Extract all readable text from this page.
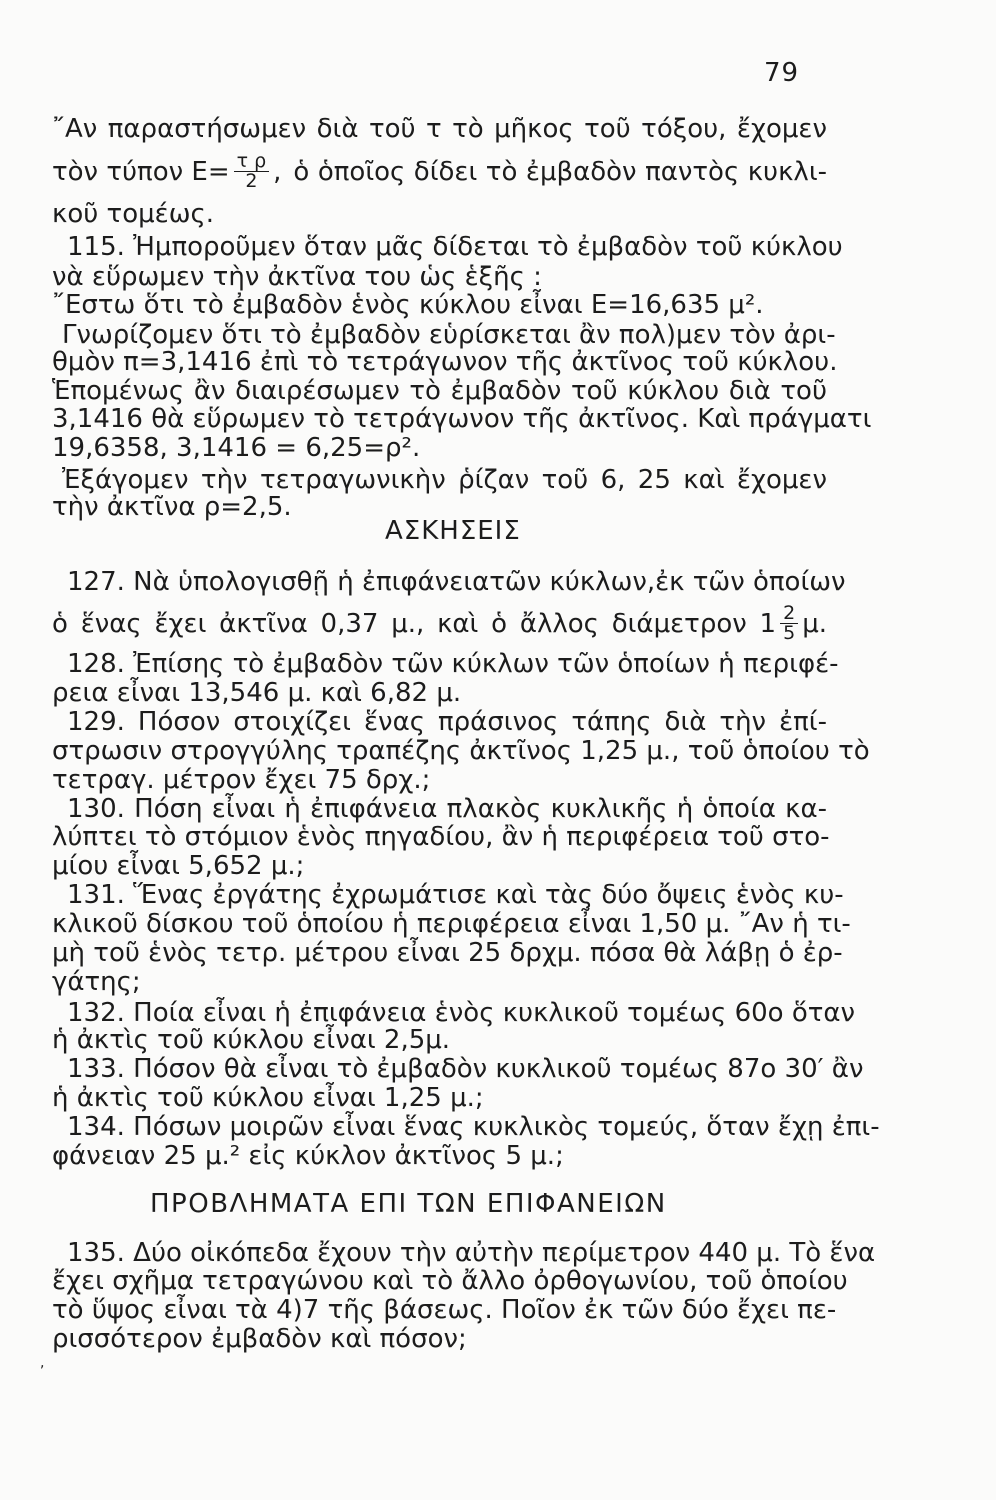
79
῎Αν παραστήσωμεν διὰ τοῦ τ τὸ μῆκος τοῦ τόξου, ἔχομεν
τὸν τύπον $E= \frac{\text{τ ρ}}{2}$ , ὁ ὁποῖος δίδει τὸ ἐμβαδὸν παντὸς κυκλι-
κοῦ τομέως.
115. Ἠμποροῦμεν ὅταν μᾶς δίδεται τὸ ἐμβαδὸν τοῦ κύκλου
νὰ εὕρωμεν τὴν ἀκτῖνα του ὡς ἑξῆς :
῎Εστω ὅτι τὸ ἐμβαδὸν ἑνὸς κύκλου εἶναι Ε=16,635 μ².
Γνωρίζομεν ὅτι τὸ ἐμβαδὸν εὑρίσκεται ἂν πολ)μεν τὸν ἀρι-
θμὸν π=3,1416 ἐπὶ τὸ τετράγωνον τῆς ἀκτῖνος τοῦ κύκλου.
Ἑπομένως ἂν διαιρέσωμεν τὸ ἐμβαδὸν τοῦ κύκλου διὰ τοῦ
3,1416 θὰ εὕρωμεν τὸ τετράγωνον τῆς ἀκτῖνος. Καὶ πράγματι
19,6358, 3,1416 = 6,25=ρ².
Ἐξάγομεν τὴν τετραγωνικὴν ῥίζαν τοῦ 6, 25 καὶ ἔχομεν
τὴν ἀκτῖνα ρ=2,5.
ΑΣΚΗΣΕΙΣ
127. Νὰ ὑπολογισθῇ ἡ ἐπιφάνειατῶν κύκλων,ἐκ τῶν ὁποίων
ὁ ἕνας ἔχει ἀκτῖνα 0,37 μ., καὶ ὁ ἄλλος διάμετρον $1 \frac{2}{5} \mu$.
128. Ἐπίσης τὸ ἐμβαδὸν τῶν κύκλων τῶν ὁποίων ἡ περιφέ-
ρεια εἶναι 13,546 μ. καὶ 6,82 μ.
129. Πόσον στοιχίζει ἕνας πράσινος τάπης διὰ τὴν ἐπί-
στρωσιν στρογγύλης τραπέζης ἀκτῖνος 1,25 μ., τοῦ ὁποίου τὸ
τετραγ. μέτρον ἔχει 75 δρχ.;
130. Πόση εἶναι ἡ ἐπιφάνεια πλακὸς κυκλικῆς ἡ ὁποία κα-
λύπτει τὸ στόμιον ἑνὸς πηγαδίου, ἂν ἡ περιφέρεια τοῦ στο-
μίου εἶναι 5,652 μ.;
131. Ἕνας ἐργάτης ἐχρωμάτισε καὶ τὰς δύο ὄψεις ἑνὸς κυ-
κλικοῦ δίσκου τοῦ ὁποίου ἡ περιφέρεια εἶναι 1,50 μ. ῎Αν ἡ τι-
μὴ τοῦ ἑνὸς τετρ. μέτρου εἶναι 25 δρχμ. πόσα θὰ λάβῃ ὁ ἐρ-
γάτης;
132. Ποία εἶναι ἡ ἐπιφάνεια ἑνὸς κυκλικοῦ τομέως 60ο ὅταν
ἡ ἀκτὶς τοῦ κύκλου εἶναι 2,5μ.
133. Πόσον θὰ εἶναι τὸ ἐμβαδὸν κυκλικοῦ τομέως 87ο 30′ ἂν
ἡ ἀκτὶς τοῦ κύκλου εἶναι 1,25 μ.;
134. Πόσων μοιρῶν εἶναι ἕνας κυκλικὸς τομεύς, ὅταν ἔχῃ ἐπι-
φάνειαν 25 μ.² εἰς κύκλον ἀκτῖνος 5 μ.;
ΠΡΟΒΛΗΜΑΤΑ ΕΠΙ ΤΩΝ ΕΠΙΦΑΝΕΙΩΝ
135. Δύο οἰκόπεδα ἔχουν τὴν αὐτὴν περίμετρον 440 μ. Τὸ ἕνα
ἔχει σχῆμα τετραγώνου καὶ τὸ ἄλλο ὀρθογωνίου, τοῦ ὁποίου
τὸ ὕψος εἶναι τὰ 4)7 τῆς βάσεως. Ποῖον ἐκ τῶν δύο ἔχει πε-
ρισσότερον ἐμβαδὸν καὶ πόσον;
,
